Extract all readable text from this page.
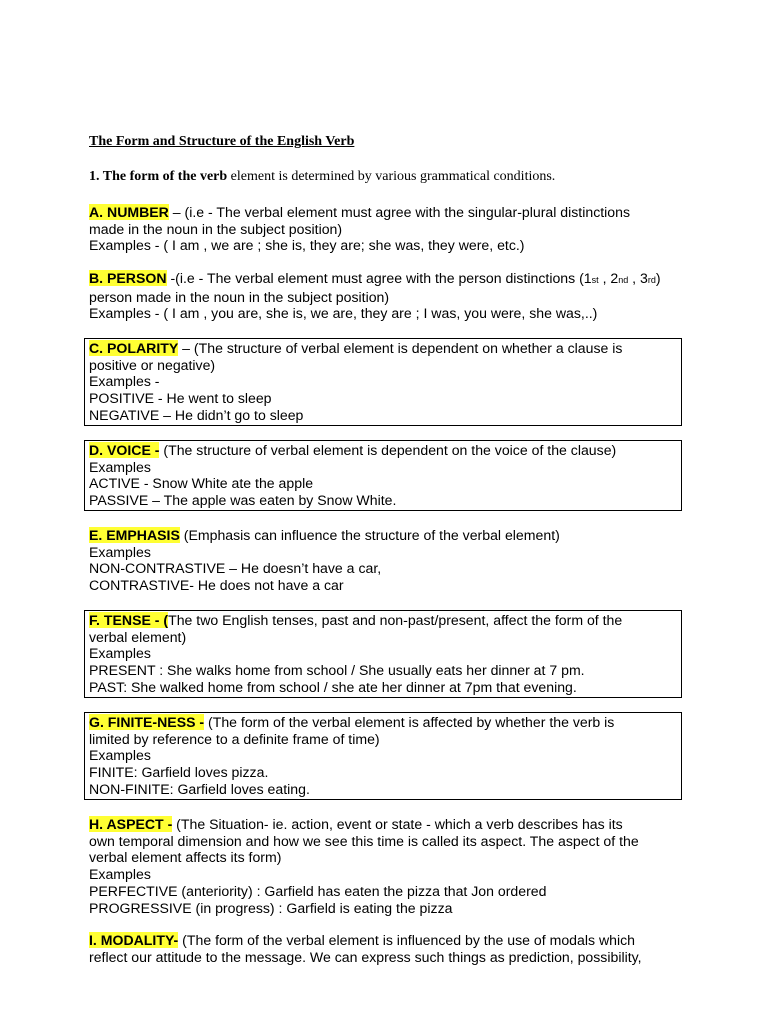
The Form and Structure of the English Verb
1. The form of the verb element is determined by various grammatical conditions.
A. NUMBER – (i.e - The verbal element must agree with the singular-plural distinctions
made in the noun in the subject position)
Examples - ( I am , we are ; she is, they are; she was, they were, etc.)
B. PERSON -(i.e - The verbal element must agree with the person distinctions (1st , 2nd , 3rd)
person made in the noun in the subject position)
Examples - ( I am , you are, she is, we are, they are ; I was, you were, she was,..)
C. POLARITY – (The structure of verbal element is dependent on whether a clause is
positive or negative)
Examples -
POSITIVE - He went to sleep
NEGATIVE – He didn’t go to sleep
D. VOICE - (The structure of verbal element is dependent on the voice of the clause)
Examples
ACTIVE - Snow White ate the apple
PASSIVE – The apple was eaten by Snow White.
E. EMPHASIS (Emphasis can influence the structure of the verbal element)
Examples
NON-CONTRASTIVE – He doesn’t have a car,
CONTRASTIVE- He does not have a car
F. TENSE - (The two English tenses, past and non-past/present, affect the form of the
verbal element)
Examples
PRESENT : She walks home from school / She usually eats her dinner at 7 pm.
PAST: She walked home from school / she ate her dinner at 7pm that evening.
G. FINITE-NESS - (The form of the verbal element is affected by whether the verb is
limited by reference to a definite frame of time)
Examples
FINITE: Garfield loves pizza.
NON-FINITE: Garfield loves eating.
H. ASPECT - (The Situation- ie. action, event or state - which a verb describes has its
own temporal dimension and how we see this time is called its aspect. The aspect of the
verbal element affects its form)
Examples
PERFECTIVE (anteriority) : Garfield has eaten the pizza that Jon ordered
PROGRESSIVE (in progress) : Garfield is eating the pizza
I. MODALITY- (The form of the verbal element is influenced by the use of modals which
reflect our attitude to the message. We can express such things as prediction, possibility,
